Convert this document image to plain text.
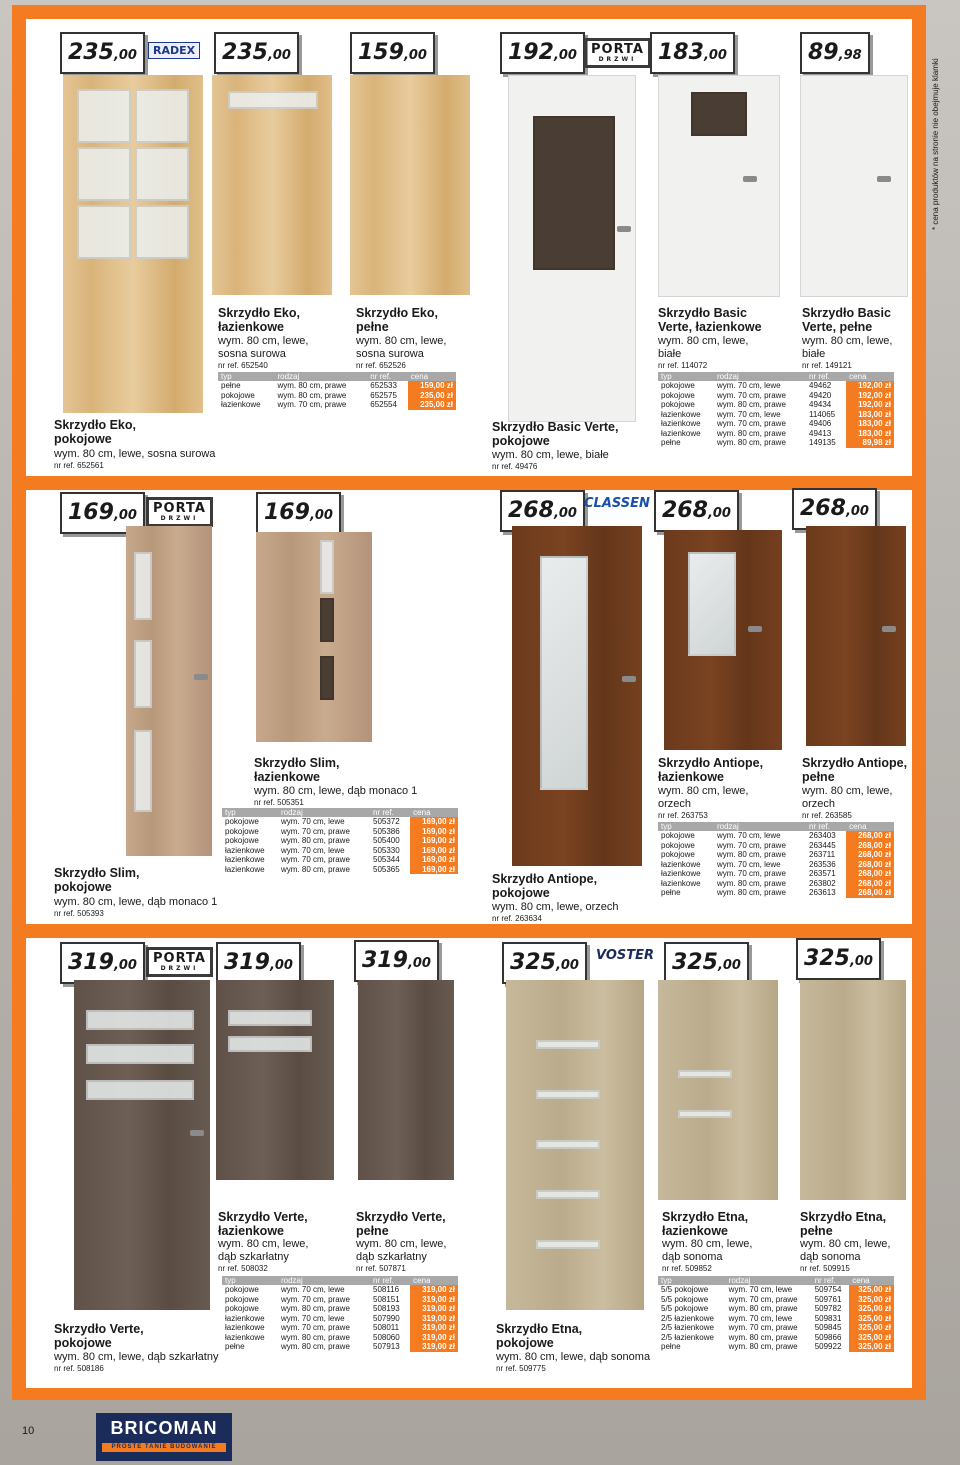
* cena produktów na stronie nie obejmuje klamki
235,00	RADEX	235,00	159,00	192,00	PORTA
DRZWI 183,00	89,98
Skrzydło Eko,
pokojowe
wym. 80 cm, lewe, sosna surowa
nr ref. 652561
Skrzydło Eko,
łazienkowe
wym. 80 cm, lewe,
sosna surowa
nr ref. 652540
Skrzydło Eko,
pełne
wym. 80 cm, lewe,
sosna surowa
nr ref. 652526
typ	rodzaj	nr ref.	cena
pełne	wym. 80 cm, prawe	652533	159,00 zł
pokojowe	wym. 80 cm, prawe	652575	235,00 zł
łazienkowe	wym. 70 cm, prawe	652554	235,00 zł
Skrzydło Basic Verte,
pokojowe
wym. 80 cm, lewe, białe
nr ref. 49476
Skrzydło Basic
Verte, łazienkowe
wym. 80 cm, lewe,
białe
nr ref. 114072
Skrzydło Basic
Verte, pełne
wym. 80 cm, lewe,
białe
nr ref. 149121
typ	rodzaj	nr ref.	cena
pokojowe	wym. 70 cm, lewe	49462	192,00 zł
pokojowe	wym. 70 cm, prawe	49420	192,00 zł
pokojowe	wym. 80 cm, prawe	49434	192,00 zł
łazienkowe	wym. 70 cm, lewe	114065	183,00 zł
łazienkowe	wym. 70 cm, prawe	49406	183,00 zł
łazienkowe	wym. 80 cm, prawe	49413	183,00 zł
pełne	wym. 80 cm, prawe	149135	89,98 zł
169,00	PORTA
DRZWI	169,00	268,00
CLASSEN 268,00	268,00
Skrzydło Slim,
pokojowe
wym. 80 cm, lewe, dąb monaco 1
nr ref. 505393
Skrzydło Slim,
łazienkowe
wym. 80 cm, lewe, dąb monaco 1
nr ref. 505351
typ	rodzaj	nr ref.	cena
pokojowe	wym. 70 cm, lewe	505372	169,00 zł
pokojowe	wym. 70 cm, prawe	505386	169,00 zł
pokojowe	wym. 80 cm, prawe	505400	169,00 zł
łazienkowe	wym. 70 cm, lewe	505330	169,00 zł
łazienkowe	wym. 70 cm, prawe	505344	169,00 zł
łazienkowe	wym. 80 cm, prawe	505365	169,00 zł
Skrzydło Antiope,
pokojowe
wym. 80 cm, lewe, orzech
nr ref. 263634
Skrzydło Antiope,
łazienkowe
wym. 80 cm, lewe,
orzech
nr ref. 263753
Skrzydło Antiope,
pełne
wym. 80 cm, lewe,
orzech
nr ref. 263585
typ	rodzaj	nr ref.	cena
pokojowe	wym. 70 cm, lewe	263403	268,00 zł
pokojowe	wym. 70 cm, prawe	263445	268,00 zł
pokojowe	wym. 80 cm, prawe	263711	268,00 zł
łazienkowe	wym. 70 cm, lewe	263536	268,00 zł
łazienkowe	wym. 70 cm, prawe	263571	268,00 zł
łazienkowe	wym. 80 cm, prawe	263802	268,00 zł
pełne	wym. 80 cm, prawe	263613	268,00 zł
319,00	PORTA
DRZWI	319,00	319,00	325,00
VOSTER 325,00	325,00
Skrzydło Verte,
pokojowe
wym. 80 cm, lewe, dąb szkarłatny
nr ref. 508186
Skrzydło Verte,
łazienkowe
wym. 80 cm, lewe,
dąb szkarłatny
nr ref. 508032
Skrzydło Verte,
pełne
wym. 80 cm, lewe,
dąb szkarłatny
nr ref. 507871
typ	rodzaj	nr ref.	cena
pokojowe	wym. 70 cm, lewe	508116	319,00 zł
pokojowe	wym. 70 cm, prawe	508151	319,00 zł
pokojowe	wym. 80 cm, prawe	508193	319,00 zł
łazienkowe	wym. 70 cm, lewe	507990	319,00 zł
łazienkowe	wym. 70 cm, prawe	508011	319,00 zł
łazienkowe	wym. 80 cm, prawe	508060	319,00 zł
pełne	wym. 80 cm, prawe	507913	319,00 zł
Skrzydło Etna,
pokojowe
wym. 80 cm, lewe, dąb sonoma
nr ref. 509775
Skrzydło Etna,
łazienkowe
wym. 80 cm, lewe,
dąb sonoma
nr ref. 509852
Skrzydło Etna,
pełne
wym. 80 cm, lewe,
dąb sonoma
nr ref. 509915
typ	rodzaj	nr ref.	cena
5/5 pokojowe	wym. 70 cm, lewe	509754	325,00 zł
5/5 pokojowe	wym. 70 cm, prawe	509761	325,00 zł
5/5 pokojowe	wym. 80 cm, prawe	509782	325,00 zł
2/5 łazienkowe	wym. 70 cm, lewe	509831	325,00 zł
2/5 łazienkowe	wym. 70 cm, prawe	509845	325,00 zł
2/5 łazienkowe	wym. 80 cm, prawe	509866	325,00 zł
pełne	wym. 80 cm, prawe	509922	325,00 zł
10	BRICOMAN
PROSTE TANIE BUDOWANIE
